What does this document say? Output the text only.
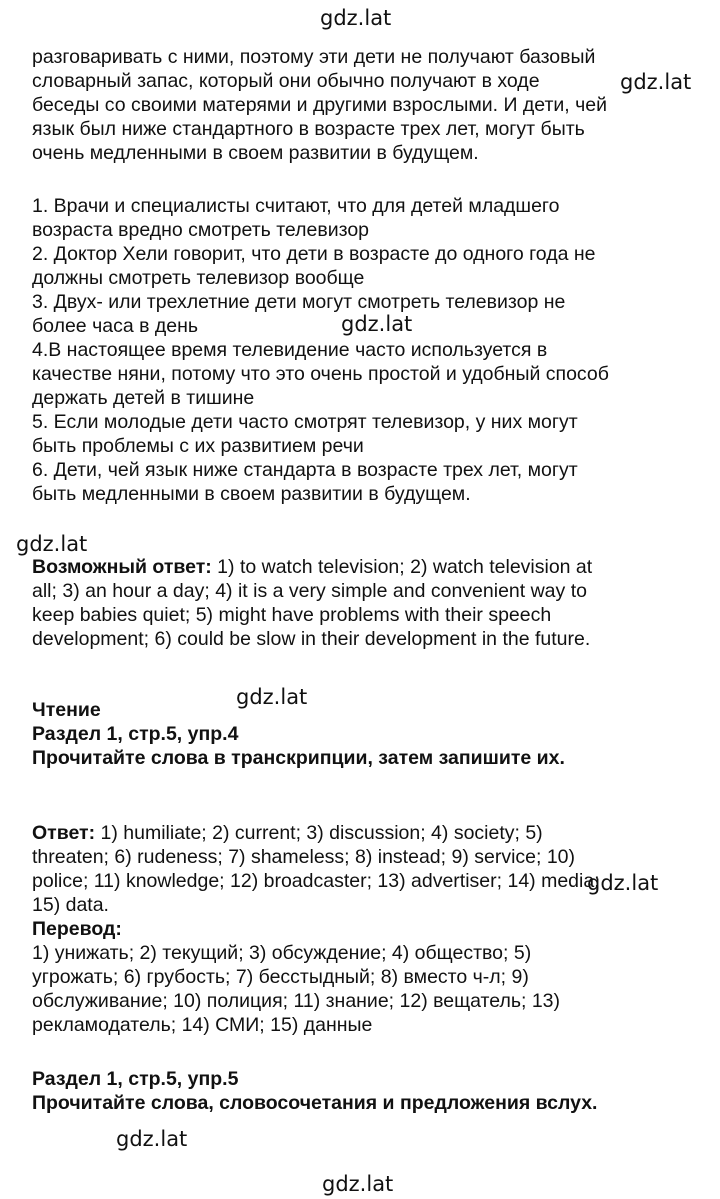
gdz.lat
gdz.lat
gdz.lat
gdz.lat
gdz.lat
gdz.lat
gdz.lat
gdz.lat
разговаривать с ними, поэтому эти дети не получают базовый
словарный запас, который они обычно получают в ходе
беседы со своими матерями и другими взрослыми. И дети, чей
язык был ниже стандартного в возрасте трех лет, могут быть
очень медленными в своем развитии в будущем.
1. Врачи и специалисты считают, что для детей младшего
возраста вредно смотреть телевизор
2. Доктор Хели говорит, что дети в возрасте до одного года не
должны смотреть телевизор вообще
3. Двух- или трехлетние дети могут смотреть телевизор не
более часа в день
4.В настоящее время телевидение часто используется в
качестве няни, потому что это очень простой и удобный способ
держать детей в тишине
5. Если молодые дети часто смотрят телевизор, у них могут
быть проблемы с их развитием речи
6. Дети, чей язык ниже стандарта в возрасте трех лет, могут
быть медленными в своем развитии в будущем.
Возможный ответ: 1) to watch television; 2) watch television at
all; 3) an hour a day; 4) it is a very simple and convenient way to
keep babies quiet; 5) might have problems with their speech
development; 6) could be slow in their development in the future.
Чтение
Раздел 1, стр.5, упр.4
Прочитайте слова в транскрипции, затем запишите их.
Ответ: 1) humiliate; 2) current; 3) discussion; 4) society; 5)
threaten; 6) rudeness; 7) shameless; 8) instead; 9) service; 10)
police; 11) knowledge; 12) broadcaster; 13) advertiser; 14) media;
15) data.
Перевод:
1) унижать; 2) текущий; 3) обсуждение; 4) общество; 5)
угрожать; 6) грубость; 7) бесстыдный; 8) вместо ч-л; 9)
обслуживание; 10) полиция; 11) знание; 12) вещатель; 13)
рекламодатель; 14) СМИ; 15) данные
Раздел 1, стр.5, упр.5
Прочитайте слова, словосочетания и предложения вслух.
